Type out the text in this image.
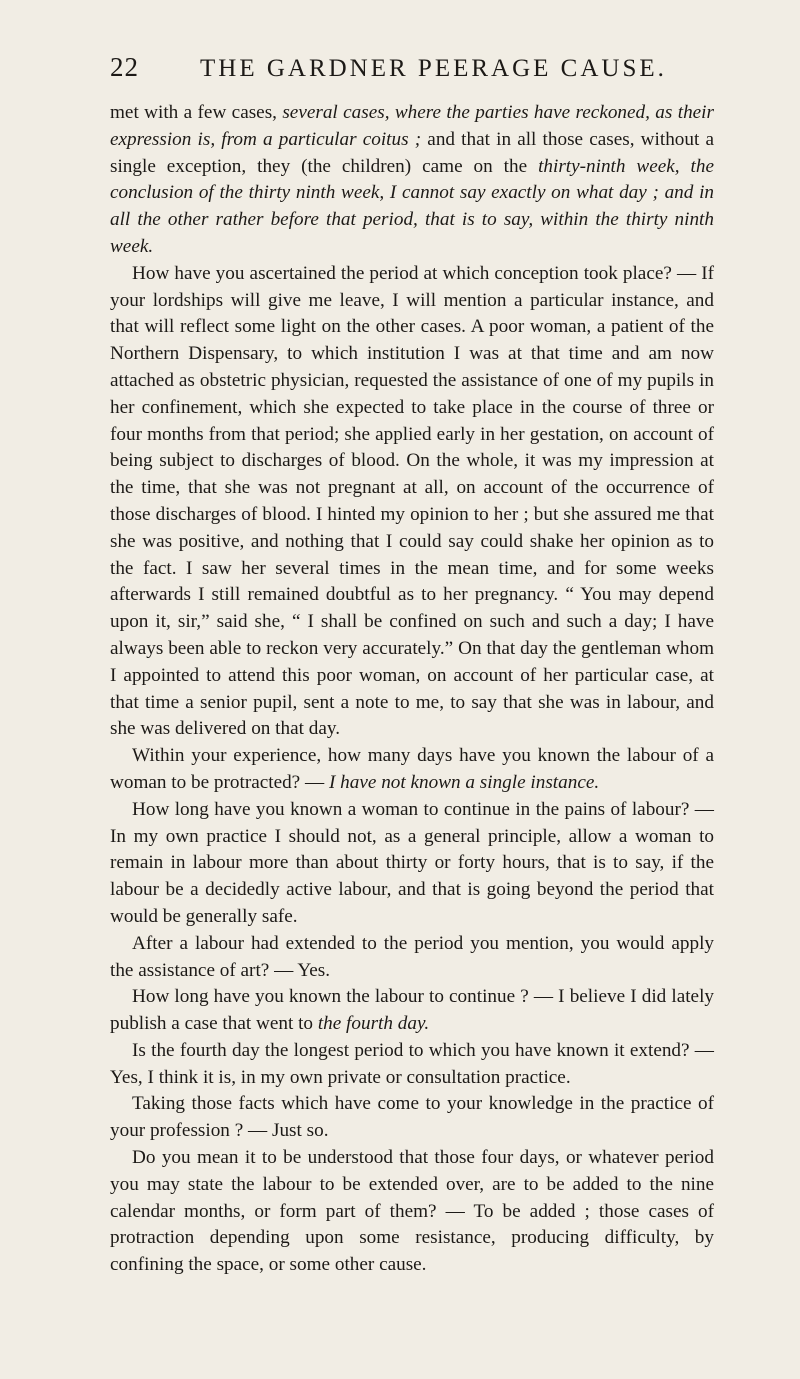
22	THE GARDNER PEERAGE CAUSE.

met with a few cases, several cases, where the parties have reckoned, as their expression is, from a particular coitus ; and that in all those cases, without a single exception, they (the children) came on the thirty-ninth week, the conclusion of the thirty ninth week, I cannot say exactly on what day ; and in all the other rather before that period, that is to say, within the thirty ninth week.

How have you ascertained the period at which conception took place? — If your lordships will give me leave, I will mention a particular instance, and that will reflect some light on the other cases. A poor woman, a patient of the Northern Dispensary, to which institution I was at that time and am now attached as obstetric physician, requested the assistance of one of my pupils in her confinement, which she expected to take place in the course of three or four months from that period; she applied early in her gestation, on account of being subject to discharges of blood. On the whole, it was my impression at the time, that she was not pregnant at all, on account of the occurrence of those discharges of blood. I hinted my opinion to her ; but she assured me that she was positive, and nothing that I could say could shake her opinion as to the fact. I saw her several times in the mean time, and for some weeks afterwards I still remained doubtful as to her pregnancy. “ You may depend upon it, sir,” said she, “ I shall be confined on such and such a day; I have always been able to reckon very accurately.” On that day the gentleman whom I appointed to attend this poor woman, on account of her particular case, at that time a senior pupil, sent a note to me, to say that she was in labour, and she was delivered on that day.

Within your experience, how many days have you known the labour of a woman to be protracted? — I have not known a single instance.

How long have you known a woman to continue in the pains of labour? — In my own practice I should not, as a general principle, allow a woman to remain in labour more than about thirty or forty hours, that is to say, if the labour be a decidedly active labour, and that is going beyond the period that would be generally safe.

After a labour had extended to the period you mention, you would apply the assistance of art? — Yes.

How long have you known the labour to continue ? — I believe I did lately publish a case that went to the fourth day.

Is the fourth day the longest period to which you have known it extend? — Yes, I think it is, in my own private or consultation practice.

Taking those facts which have come to your knowledge in the practice of your profession ? — Just so.

Do you mean it to be understood that those four days, or whatever period you may state the labour to be extended over, are to be added to the nine calendar months, or form part of them? — To be added ; those cases of protraction depending upon some resistance, producing difficulty, by confining the space, or some other cause.
